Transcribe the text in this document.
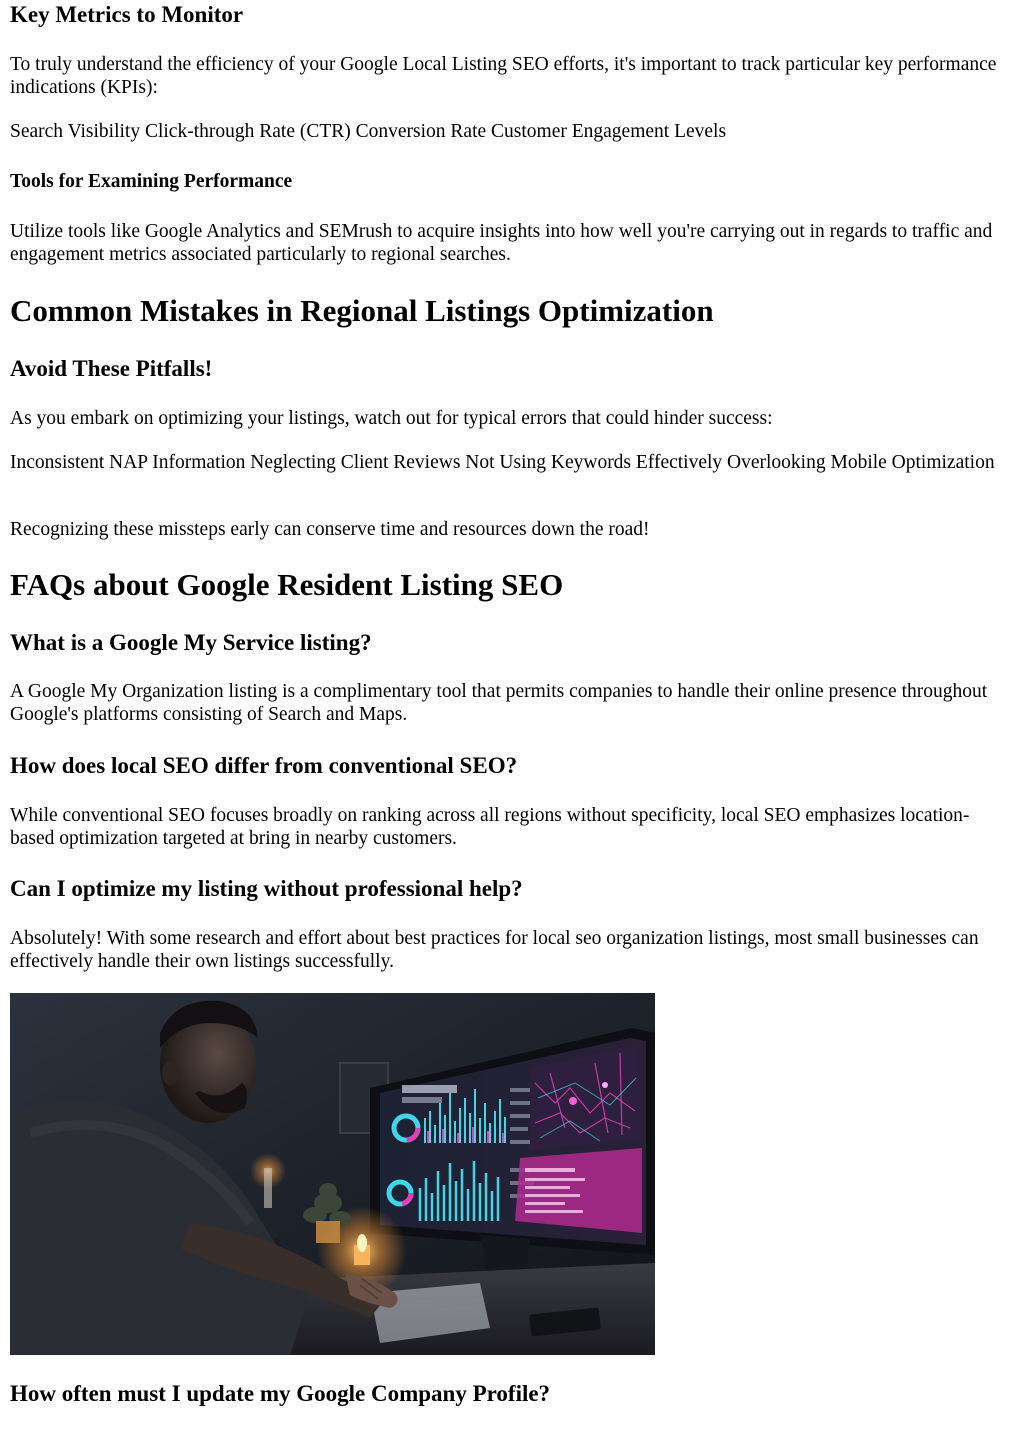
Key Metrics to Monitor

To truly understand the efficiency of your Google Local Listing SEO efforts, it's important to track particular key performance indications (KPIs):

Search Visibility Click-through Rate (CTR) Conversion Rate Customer Engagement Levels

Tools for Examining Performance

Utilize tools like Google Analytics and SEMrush to acquire insights into how well you're carrying out in regards to traffic and engagement metrics associated particularly to regional searches.

Common Mistakes in Regional Listings Optimization
Avoid These Pitfalls!

As you embark on optimizing your listings, watch out for typical errors that could hinder success:

Inconsistent NAP Information Neglecting Client Reviews Not Using Keywords Effectively Overlooking Mobile Optimization

Recognizing these missteps early can conserve time and resources down the road!

FAQs about Google Resident Listing SEO
What is a Google My Service listing?

A Google My Organization listing is a complimentary tool that permits companies to handle their online presence throughout Google's platforms consisting of Search and Maps.

How does local SEO differ from conventional SEO?

While conventional SEO focuses broadly on ranking across all regions without specificity, local SEO emphasizes location-based optimization targeted at bring in nearby customers.

Can I optimize my listing without professional help?

Absolutely! With some research and effort about best practices for local seo organization listings, most small businesses can effectively handle their own listings successfully.

How often must I update my Google Company Profile?
